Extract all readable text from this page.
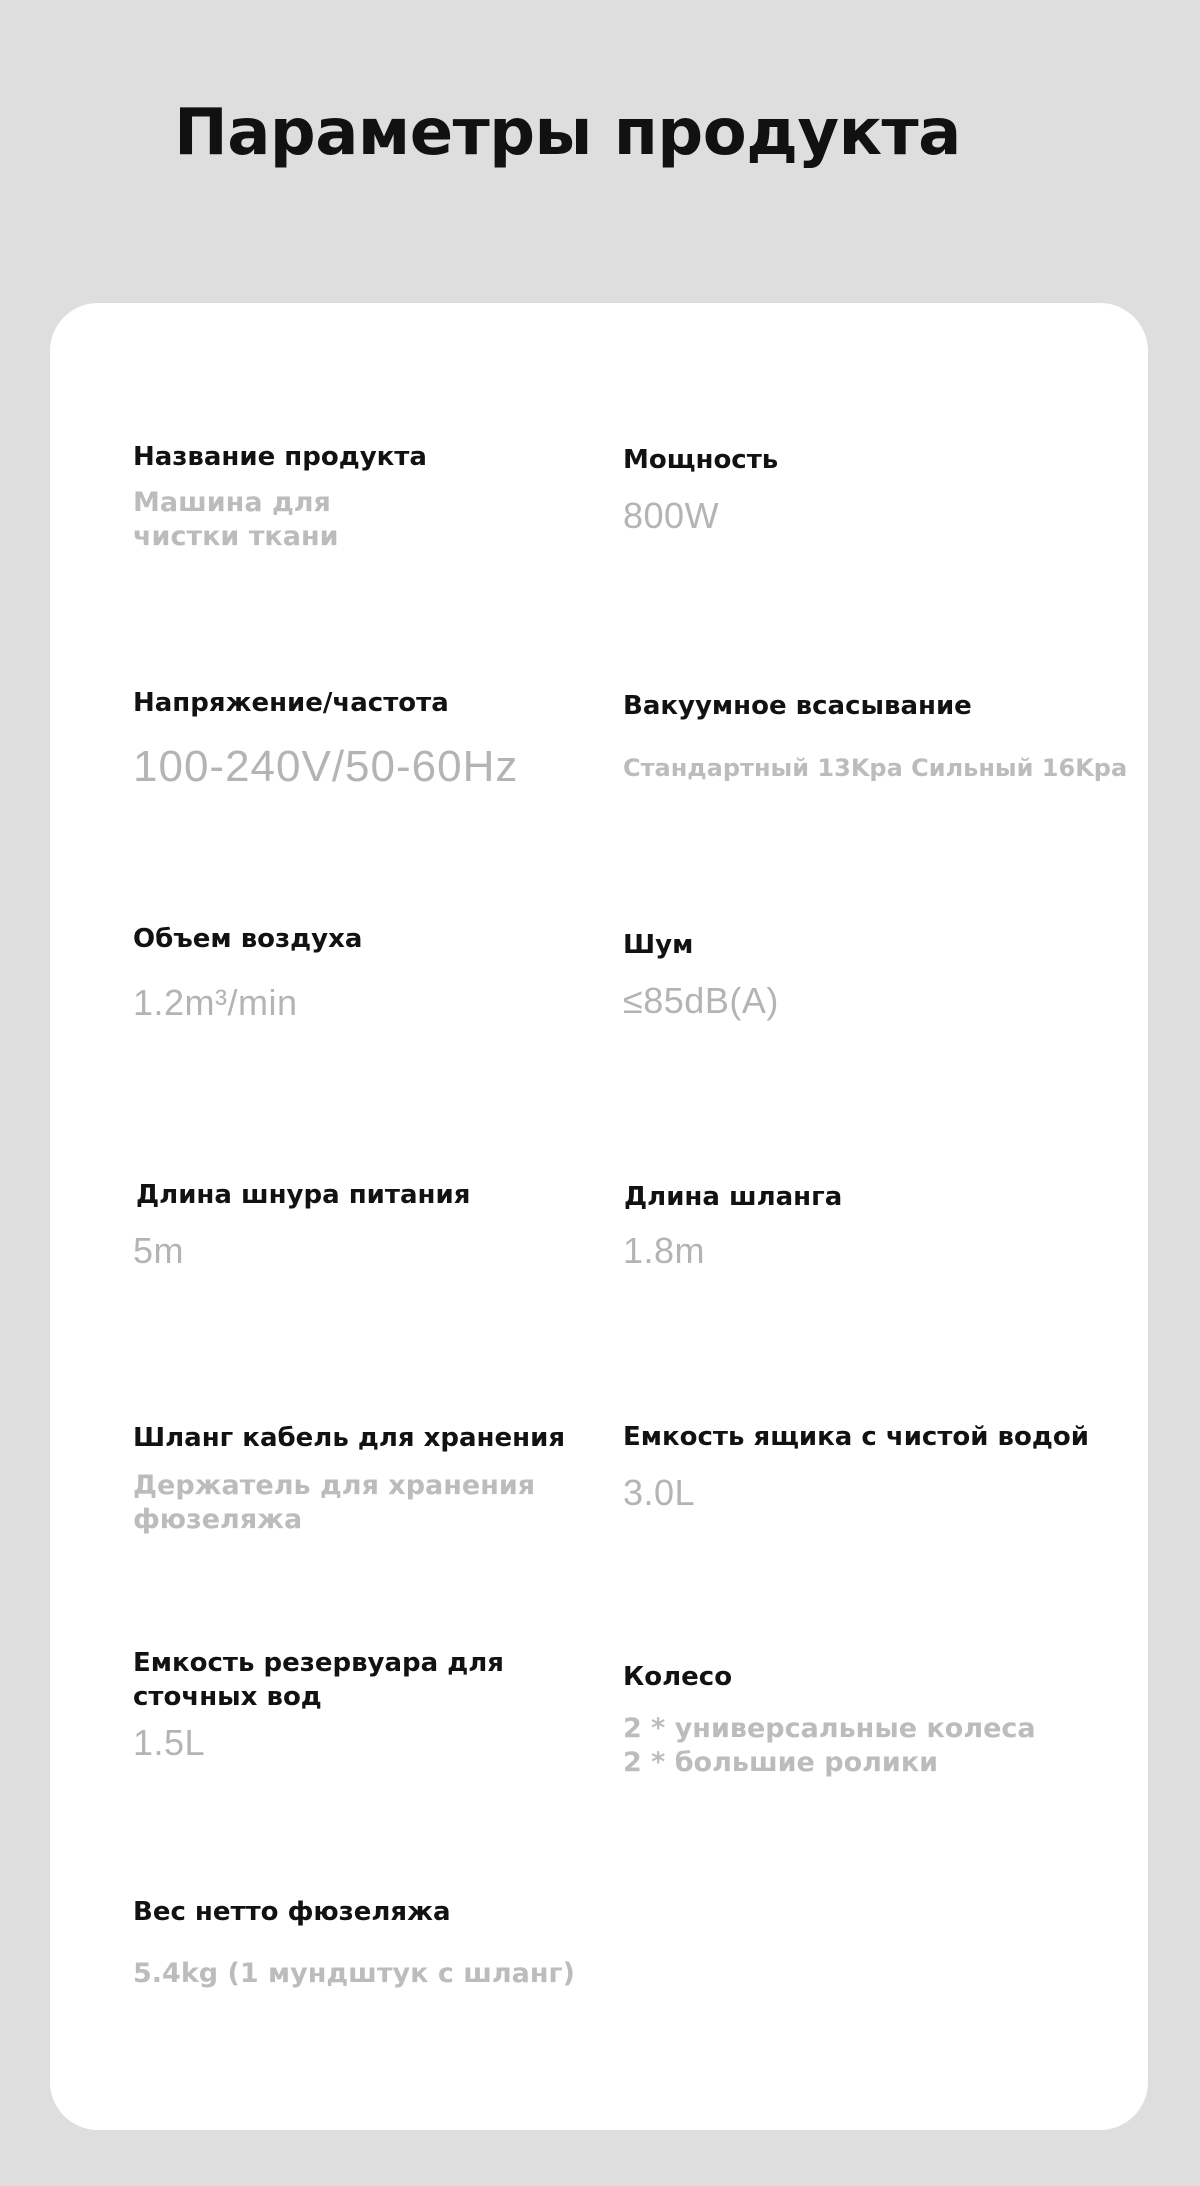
Параметры продукта
Название продукта
Машина для
чистки ткани
Мощность
800W
Напряжение/частота
100-240V/50-60Hz
Вакуумное всасывание
Стандартный 13Kpa Сильный 16Kpa
Объем воздуха
1.2m³/min
Шум
≤85dB(A)
Длина шнура питания
5m
Длина шланга
1.8m
Шланг кабель для хранения
Держатель для хранения
фюзеляжа
Емкость ящика с чистой водой
3.0L
Емкость резервуара для
сточных вод
1.5L
Колесо
2 * универсальные колеса
2 * большие ролики
Вес нетто фюзеляжа
5.4kg (1 мундштук с шланг)
